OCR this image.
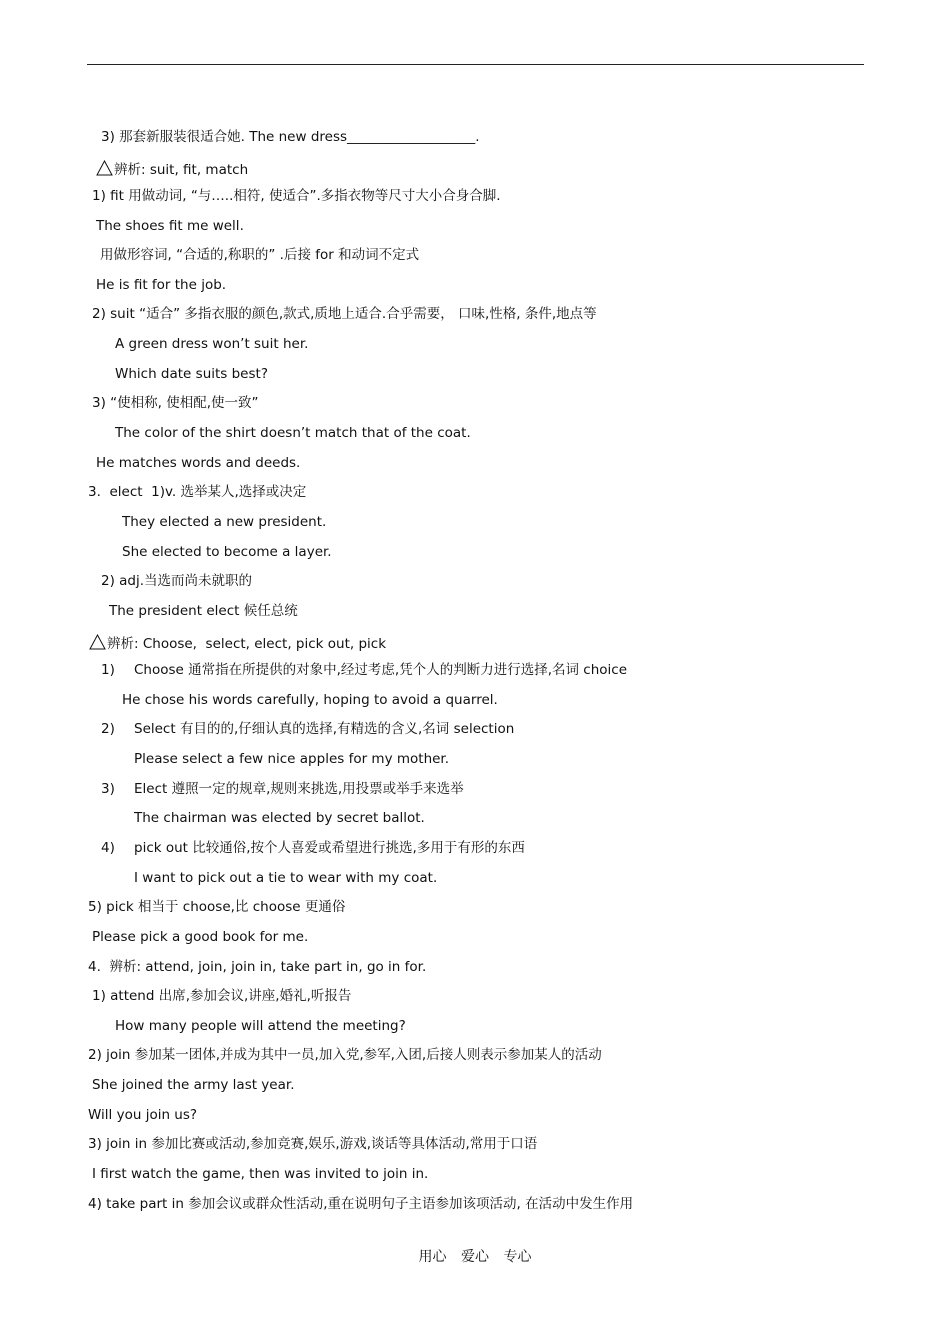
3) 那套新服装很适合她. The new dress___________________.
辨析: suit, fit, match
1) fit 用做动词, “与…..相符, 使适合”.多指衣物等尺寸大小合身合脚.
The shoes fit me well.
用做形容词, “合适的,称职的” .后接 for 和动词不定式
He is fit for the job.
2) suit “适合” 多指衣服的颜色,款式,质地上适合.合乎需要， 口味,性格, 条件,地点等
A green dress won’t suit her.
Which date suits best?
3) “使相称, 使相配,使一致”
The color of the shirt doesn’t match that of the coat.
He matches words and deeds.
3.  elect  1)v. 选举某人,选择或决定
They elected a new president.
She elected to become a layer.
2) adj.当选而尚未就职的
The president elect 候任总统
辨析: Choose,  select, elect, pick out, pick
1) Choose 通常指在所提供的对象中,经过考虑,凭个人的判断力进行选择,名词 choice
He chose his words carefully, hoping to avoid a quarrel.
2) Select 有目的的,仔细认真的选择,有精选的含义,名词 selection
Please select a few nice apples for my mother.
3) Elect 遵照一定的规章,规则来挑选,用投票或举手来选举
The chairman was elected by secret ballot.
4) pick out 比较通俗,按个人喜爱或希望进行挑选,多用于有形的东西
I want to pick out a tie to wear with my coat.
5) pick 相当于 choose,比 choose 更通俗
Please pick a good book for me.
4.  辨析: attend, join, join in, take part in, go in for.
1) attend 出席,参加会议,讲座,婚礼,听报告
How many people will attend the meeting?
2) join 参加某一团体,并成为其中一员,加入党,参军,入团,后接人则表示参加某人的活动
She joined the army last year.
Will you join us?
3) join in 参加比赛或活动,参加竞赛,娱乐,游戏,谈话等具体活动,常用于口语
I first watch the game, then was invited to join in.
4) take part in 参加会议或群众性活动,重在说明句子主语参加该项活动, 在活动中发生作用
用心 爱心 专心
